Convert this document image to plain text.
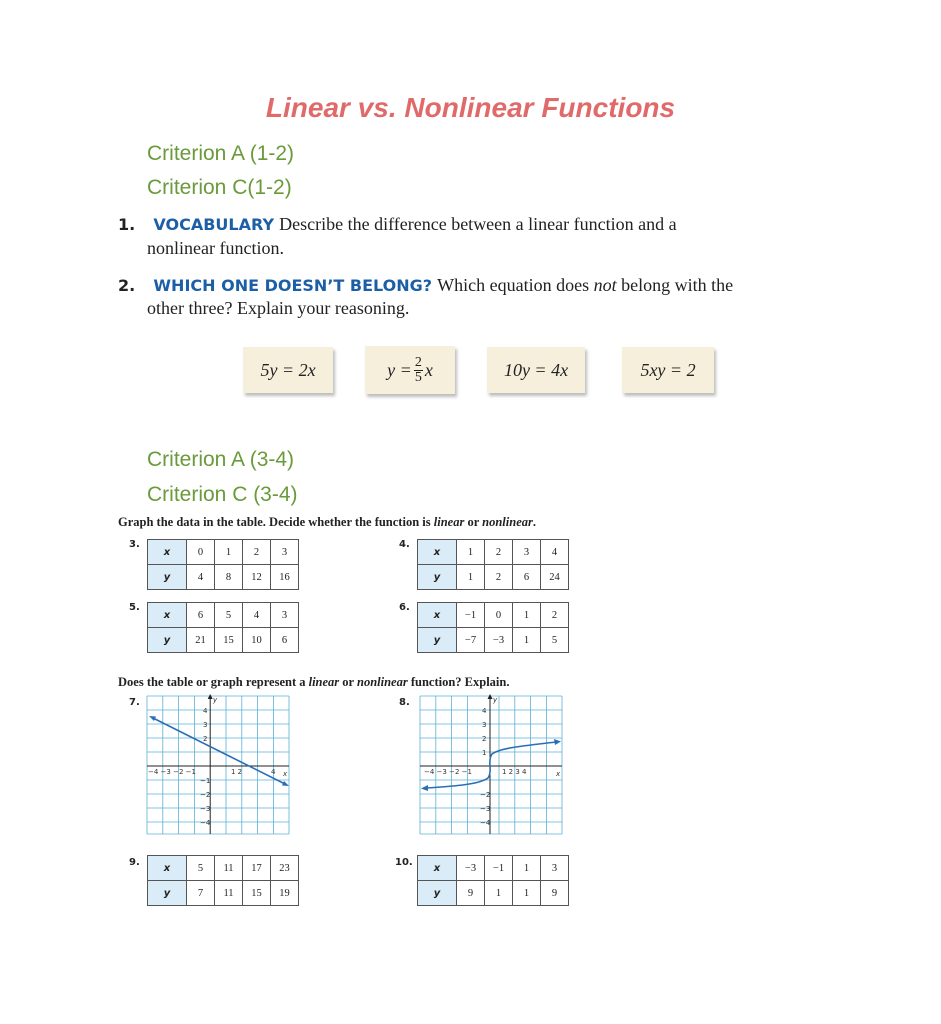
Linear vs. Nonlinear Functions
Criterion A (1-2)
Criterion C(1-2)
1. VOCABULARY Describe the difference between a linear function and a
nonlinear function.
2. WHICH ONE DOESN’T BELONG? Which equation does not belong with the
other three? Explain your reasoning.
5y = 2x	$y = \frac{2}{5}$ x	10y = 4x	5xy = 2
Criterion A (3-4)
Criterion C (3-4)
Graph the data in the table. Decide whether the function is linear or nonlinear.
3.	4.
5.	6.
9.	10.
x	0	1	2	3
y	4	8	12	16
x	1	2	3	4
y	1	2	6	24
x	6	5	4	3
y	21	15	10	6
x	−1	0	1	2
y	−7	−3	1	5
Does the table or graph represent a linear or nonlinear function? Explain.
7.	y
x
−4 −3 −2 −1	1 2	4
4
3
2
−1
−2
−3
−4
8.	y
x
−4 −3 −2 −1	1 2 3 4
4
3
2
1
−2
−3
−4
x	5	11	17	23
y	7	11	15	19
x	−3	−1	1	3
y	9	1	1	9
